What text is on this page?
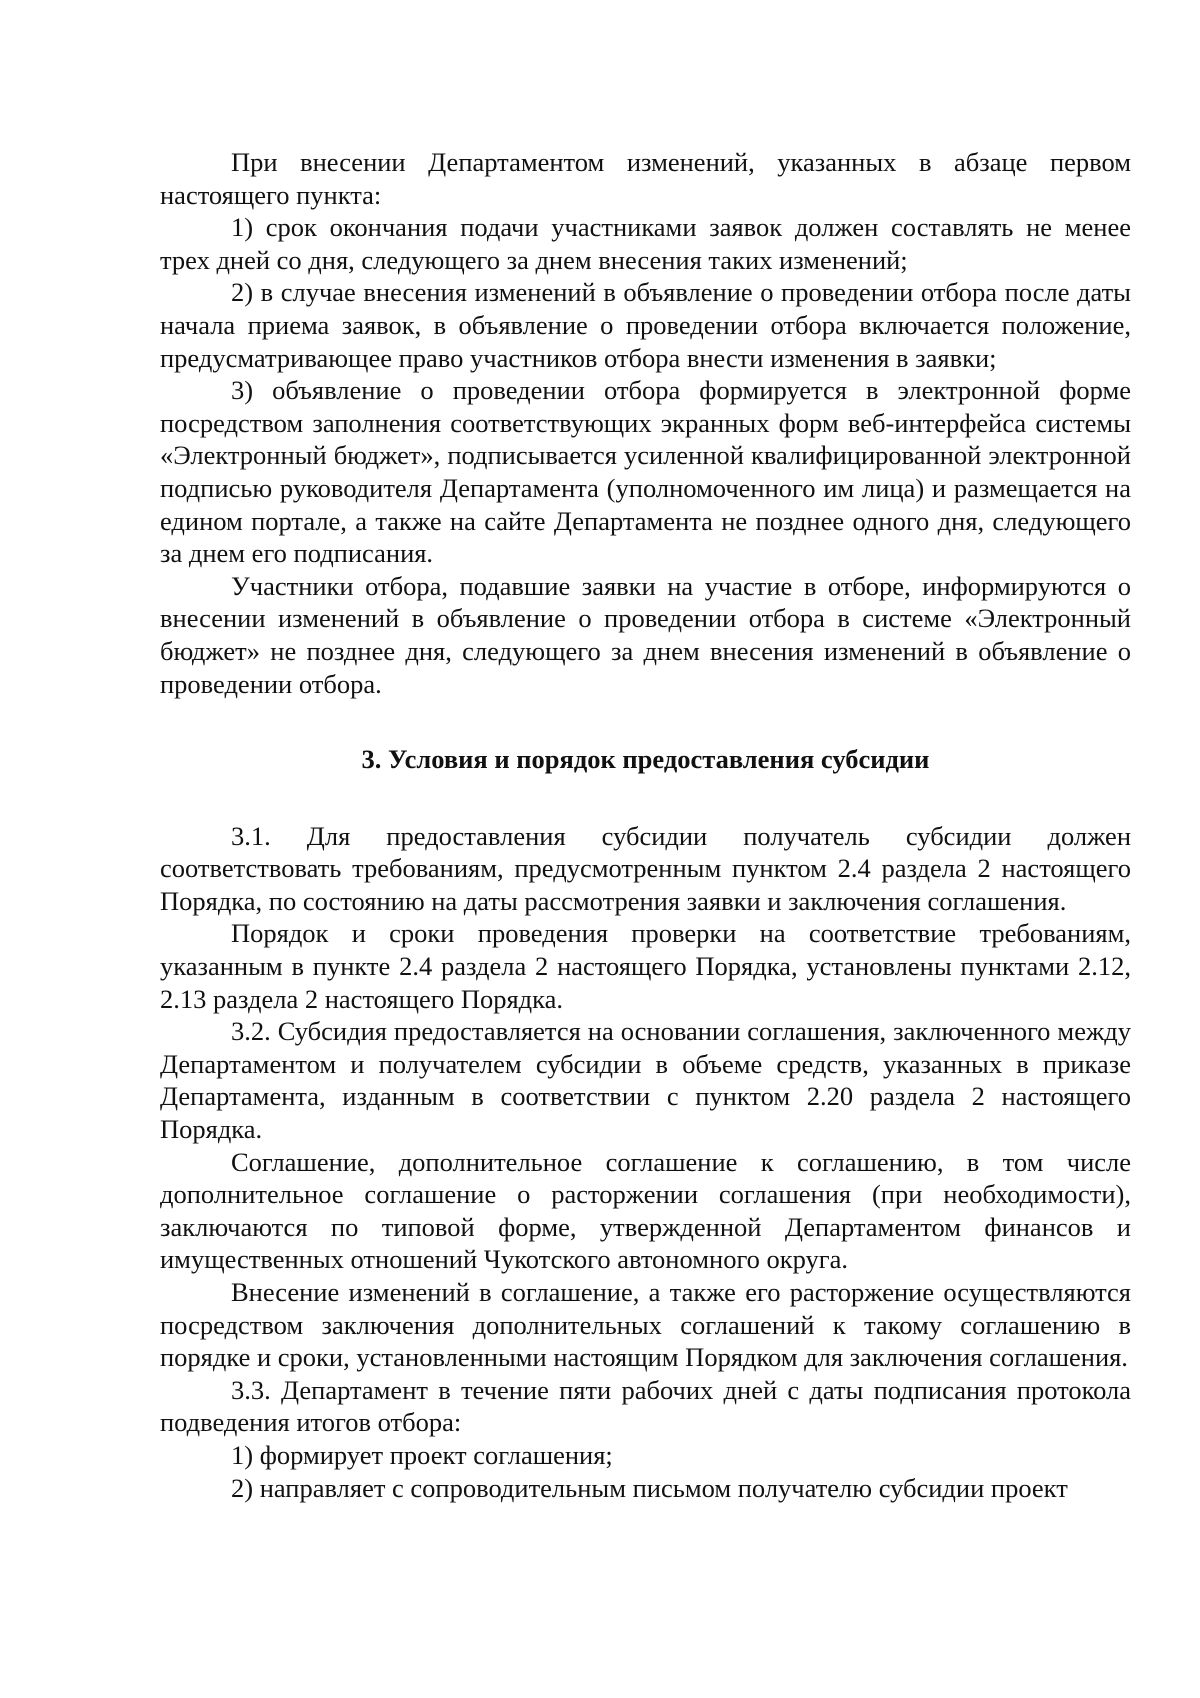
При внесении Департаментом изменений, указанных в абзаце первом настоящего пункта:

1) срок окончания подачи участниками заявок должен составлять не менее трех дней со дня, следующего за днем внесения таких изменений;

2) в случае внесения изменений в объявление о проведении отбора после даты начала приема заявок, в объявление о проведении отбора включается положение, предусматривающее право участников отбора внести изменения в заявки;

3) объявление о проведении отбора формируется в электронной форме посредством заполнения соответствующих экранных форм веб-интерфейса системы «Электронный бюджет», подписывается усиленной квалифицированной электронной подписью руководителя Департамента (уполномоченного им лица) и размещается на едином портале, а также на сайте Департамента не позднее одного дня, следующего за днем его подписания.

Участники отбора, подавшие заявки на участие в отборе, информируются о внесении изменений в объявление о проведении отбора в системе «Электронный бюджет» не позднее дня, следующего за днем внесения изменений в объявление о проведении отбора.

3. Условия и порядок предоставления субсидии

3.1. Для предоставления субсидии получатель субсидии должен соответствовать требованиям, предусмотренным пунктом 2.4 раздела 2 настоящего Порядка, по состоянию на даты рассмотрения заявки и заключения соглашения.

Порядок и сроки проведения проверки на соответствие требованиям, указанным в пункте 2.4 раздела 2 настоящего Порядка, установлены пунктами 2.12, 2.13 раздела 2 настоящего Порядка.

3.2. Субсидия предоставляется на основании соглашения, заключенного между Департаментом и получателем субсидии в объеме средств, указанных в приказе Департамента, изданным в соответствии с пунктом 2.20 раздела 2 настоящего Порядка.

Соглашение, дополнительное соглашение к соглашению, в том числе дополнительное соглашение о расторжении соглашения (при необходимости), заключаются по типовой форме, утвержденной Департаментом финансов и имущественных отношений Чукотского автономного округа.

Внесение изменений в соглашение, а также его расторжение осуществляются посредством заключения дополнительных соглашений к такому соглашению в порядке и сроки, установленными настоящим Порядком для заключения соглашения.

3.3. Департамент в течение пяти рабочих дней с даты подписания протокола подведения итогов отбора:

1) формирует проект соглашения;

2) направляет с сопроводительным письмом получателю субсидии проект
